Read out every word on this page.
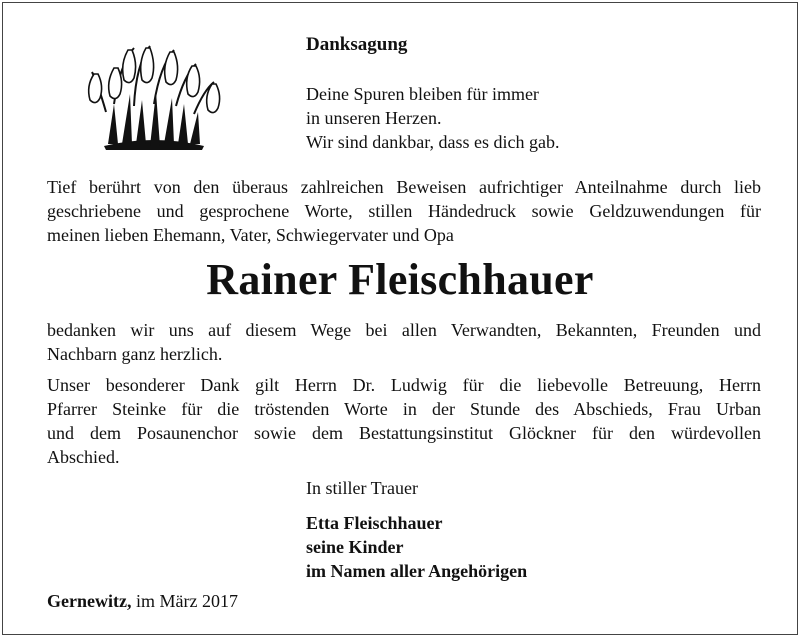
Danksagung
Deine Spuren bleiben für immer
in unseren Herzen.
Wir sind dankbar, dass es dich gab.
Tief berührt von den überaus zahlreichen Beweisen aufrichtiger Anteilnahme durch lieb
geschriebene und gesprochene Worte, stillen Händedruck sowie Geldzuwendungen für
meinen lieben Ehemann, Vater, Schwiegervater und Opa
Rainer Fleischhauer
bedanken wir uns auf diesem Wege bei allen Verwandten, Bekannten, Freunden und
Nachbarn ganz herzlich.
Unser besonderer Dank gilt Herrn Dr. Ludwig für die liebevolle Betreuung, Herrn
Pfarrer Steinke für die tröstenden Worte in der Stunde des Abschieds, Frau Urban
und dem Posaunenchor sowie dem Bestattungsinstitut Glöckner für den würdevollen
Abschied.
In stiller Trauer
Etta Fleischhauer
seine Kinder
im Namen aller Angehörigen
Gernewitz, im März 2017
